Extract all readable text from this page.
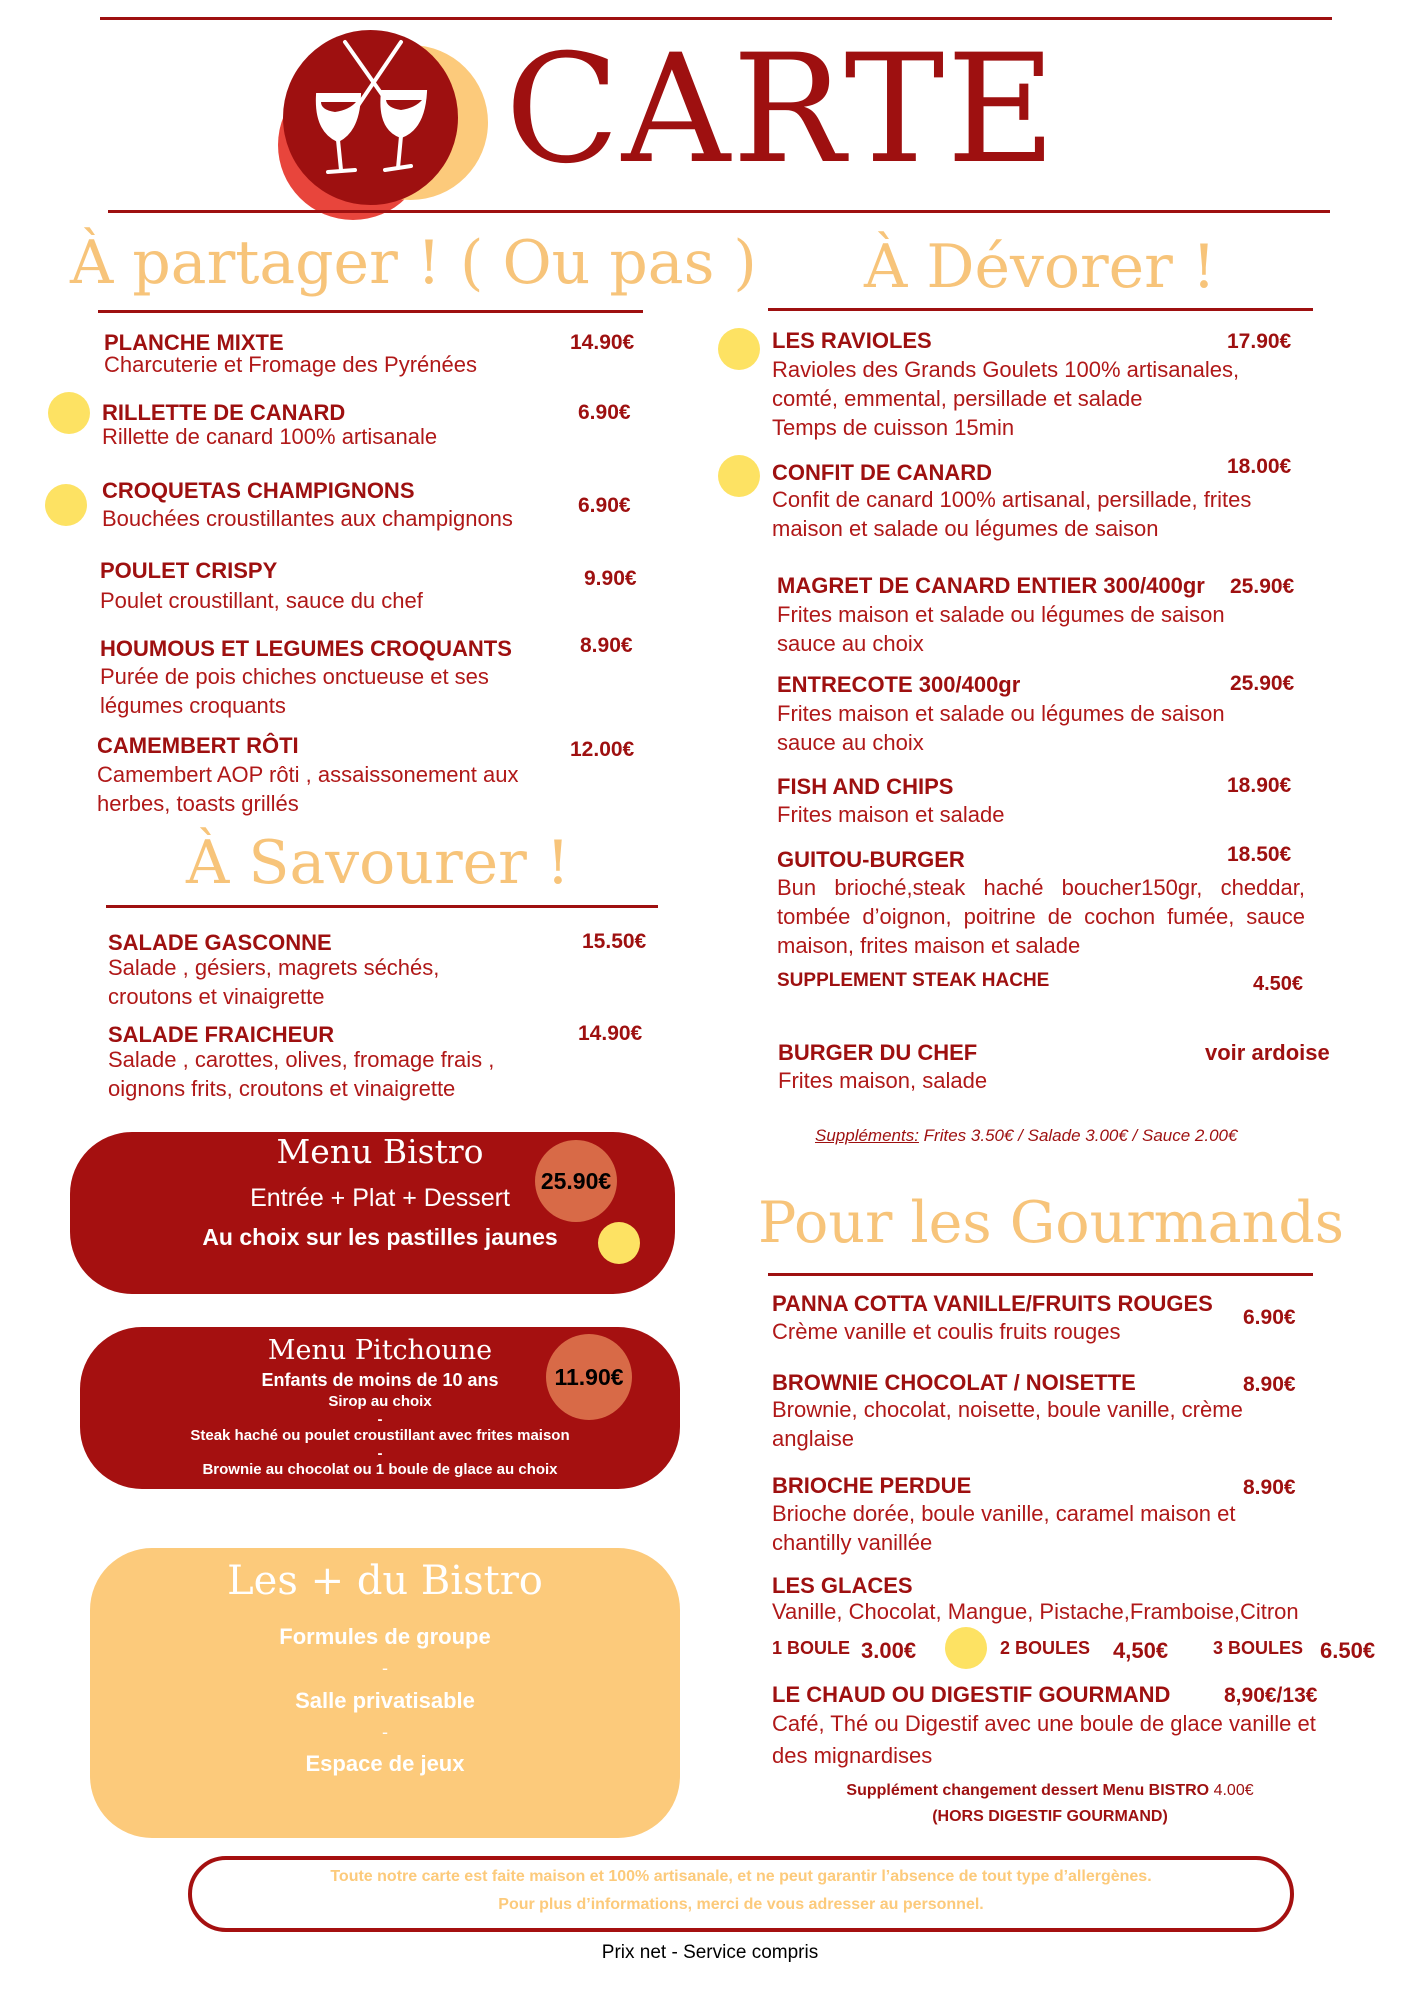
CARTE
À partager ! ( Ou pas )
PLANCHE MIXTE
Charcuterie et Fromage des Pyrénées
14.90€
RILLETTE DE CANARD
Rillette de canard 100% artisanale
6.90€
CROQUETAS CHAMPIGNONS
Bouchées croustillantes aux champignons
6.90€
POULET CRISPY
Poulet croustillant, sauce du chef
9.90€
HOUMOUS ET LEGUMES CROQUANTS
Purée de pois chiches onctueuse et ses légumes croquants
8.90€
CAMEMBERT RÔTI
Camembert AOP rôti , assaissonement aux herbes, toasts grillés
12.00€
À Savourer !
SALADE GASCONNE
Salade , gésiers, magrets séchés, croutons et vinaigrette
15.50€
SALADE FRAICHEUR
Salade , carottes, olives, fromage frais , oignons frits, croutons et vinaigrette
14.90€
Menu Bistro
Entrée + Plat + Dessert
Au choix sur les pastilles jaunes
25.90€
Menu Pitchoune
Enfants de moins de 10 ans
Sirop au choix
-
Steak haché ou poulet croustillant avec frites maison
-
Brownie au chocolat ou 1 boule de glace au choix
11.90€
Les + du Bistro
Formules de groupe
-
Salle privatisable
-
Espace de jeux
À Dévorer !
LES RAVIOLES
Ravioles des Grands Goulets 100% artisanales, comté, emmental, persillade et salade
Temps de cuisson 15min
17.90€
CONFIT DE CANARD
Confit de canard 100% artisanal, persillade, frites maison et salade ou légumes de saison
18.00€
MAGRET DE CANARD ENTIER 300/400gr
Frites maison et salade ou légumes de saison sauce au choix
25.90€
ENTRECOTE 300/400gr
Frites maison et salade ou légumes de saison sauce au choix
25.90€
FISH AND CHIPS
Frites maison et salade
18.90€
GUITOU-BURGER
Bun brioché,steak haché boucher150gr, cheddar, tombée d’oignon, poitrine de cochon fumée, sauce maison, frites maison et salade
18.50€
SUPPLEMENT STEAK HACHE	4.50€
BURGER DU CHEF
Frites maison, salade
voir ardoise
Suppléments: Frites 3.50€ / Salade 3.00€ / Sauce 2.00€
Pour les Gourmands
PANNA COTTA VANILLE/FRUITS ROUGES
Crème vanille et coulis fruits rouges
6.90€
BROWNIE CHOCOLAT / NOISETTE
Brownie, chocolat, noisette, boule vanille, crème anglaise
8.90€
BRIOCHE PERDUE
Brioche dorée, boule vanille, caramel maison et chantilly vanillée
8.90€
LES GLACES
Vanille, Chocolat, Mangue, Pistache,Framboise,Citron
1 BOULE 3.00€	2 BOULES 4,50€ 3 BOULES 6.50€
LE CHAUD OU DIGESTIF GOURMAND
Café, Thé ou Digestif avec une boule de glace vanille et des mignardises
8,90€/13€
Supplément changement dessert Menu BISTRO 4.00€
(HORS DIGESTIF GOURMAND)
Toute notre carte est faite maison et 100% artisanale, et ne peut garantir l’absence de tout type d’allergènes.
Pour plus d’informations, merci de vous adresser au personnel.
Prix net - Service compris
